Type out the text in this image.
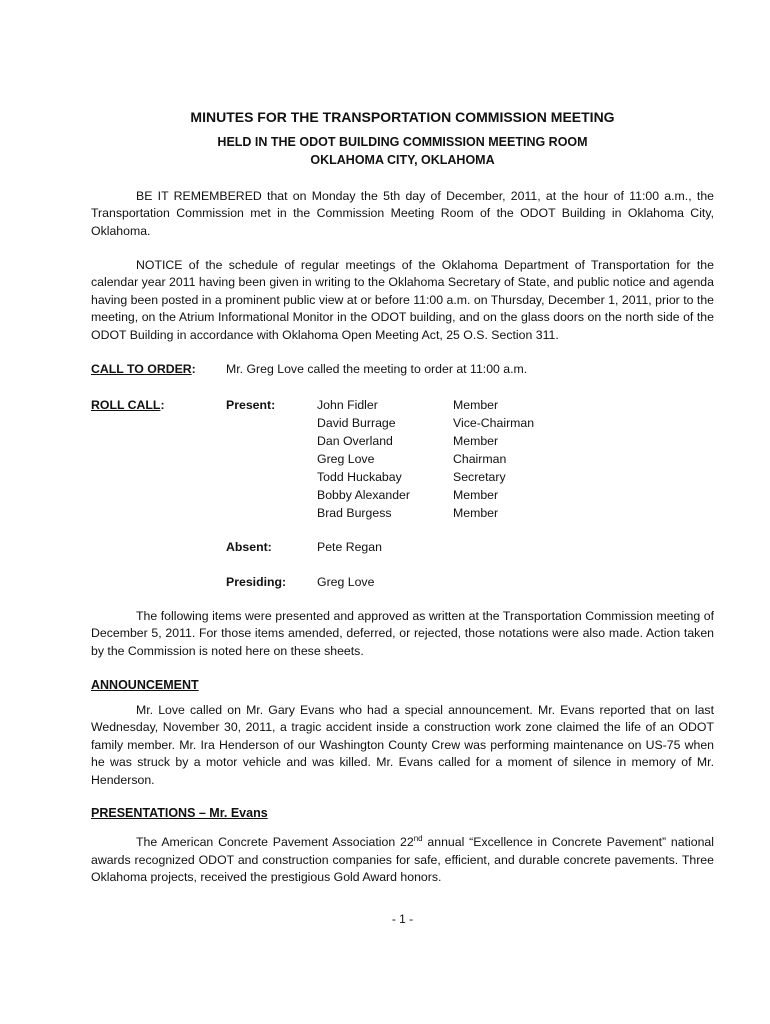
MINUTES FOR THE TRANSPORTATION COMMISSION MEETING
HELD IN THE ODOT BUILDING COMMISSION MEETING ROOM
OKLAHOMA CITY, OKLAHOMA

BE IT REMEMBERED that on Monday the 5th day of December, 2011, at the hour of 11:00 a.m., the Transportation Commission met in the Commission Meeting Room of the ODOT Building in Oklahoma City, Oklahoma.

NOTICE of the schedule of regular meetings of the Oklahoma Department of Transportation for the calendar year 2011 having been given in writing to the Oklahoma Secretary of State, and public notice and agenda having been posted in a prominent public view at or before 11:00 a.m. on Thursday, December 1, 2011, prior to the meeting, on the Atrium Informational Monitor in the ODOT building, and on the glass doors on the north side of the ODOT Building in accordance with Oklahoma Open Meeting Act, 25 O.S. Section 311.

CALL TO ORDER: Mr. Greg Love called the meeting to order at 11:00 a.m.
ROLL CALL:	Present:	John Fidler	Member
David Burrage	Vice-Chairman
Dan Overland	Member
Greg Love	Chairman
Todd Huckabay	Secretary
Bobby Alexander	Member
Brad Burgess	Member
Absent:	Pete Regan
Presiding:	Greg Love

The following items were presented and approved as written at the Transportation Commission meeting of December 5, 2011. For those items amended, deferred, or rejected, those notations were also made. Action taken by the Commission is noted here on these sheets.

ANNOUNCEMENT

Mr. Love called on Mr. Gary Evans who had a special announcement. Mr. Evans reported that on last Wednesday, November 30, 2011, a tragic accident inside a construction work zone claimed the life of an ODOT family member. Mr. Ira Henderson of our Washington County Crew was performing maintenance on US-75 when he was struck by a motor vehicle and was killed. Mr. Evans called for a moment of silence in memory of Mr. Henderson.

PRESENTATIONS – Mr. Evans

The American Concrete Pavement Association 22nd annual “Excellence in Concrete Pavement” national awards recognized ODOT and construction companies for safe, efficient, and durable concrete pavements. Three Oklahoma projects, received the prestigious Gold Award honors.

- 1 -
